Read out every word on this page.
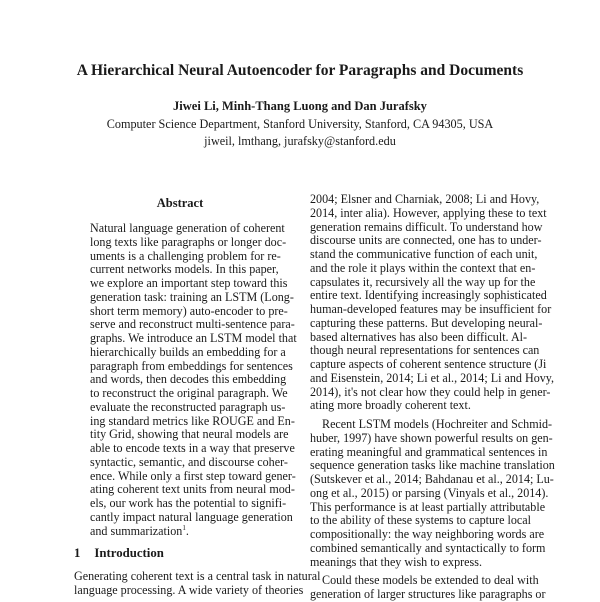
A Hierarchical Neural Autoencoder for Paragraphs and Documents
Jiwei Li, Minh-Thang Luong and Dan Jurafsky
Computer Science Department, Stanford University, Stanford, CA 94305, USA
jiweil, lmthang, jurafsky@stanford.edu
Abstract
Natural language generation of coherent
long texts like paragraphs or longer doc-
uments is a challenging problem for re-
current networks models. In this paper,
we explore an important step toward this
generation task: training an LSTM (Long-
short term memory) auto-encoder to pre-
serve and reconstruct multi-sentence para-
graphs. We introduce an LSTM model that
hierarchically builds an embedding for a
paragraph from embeddings for sentences
and words, then decodes this embedding
to reconstruct the original paragraph. We
evaluate the reconstructed paragraph us-
ing standard metrics like ROUGE and En-
tity Grid, showing that neural models are
able to encode texts in a way that preserve
syntactic, semantic, and discourse coher-
ence. While only a first step toward gener-
ating coherent text units from neural mod-
els, our work has the potential to signifi-
cantly impact natural language generation
and summarization$^1$.
1 Introduction
Generating coherent text is a central task in natural
language processing. A wide variety of theories
2004; Elsner and Charniak, 2008; Li and Hovy,
2014, inter alia). However, applying these to text
generation remains difficult. To understand how
discourse units are connected, one has to under-
stand the communicative function of each unit,
and the role it plays within the context that en-
capsulates it, recursively all the way up for the
entire text. Identifying increasingly sophisticated
human-developed features may be insufficient for
capturing these patterns. But developing neural-
based alternatives has also been difficult. Al-
though neural representations for sentences can
capture aspects of coherent sentence structure (Ji
and Eisenstein, 2014; Li et al., 2014; Li and Hovy,
2014), it's not clear how they could help in gener-
ating more broadly coherent text.
Recent LSTM models (Hochreiter and Schmid-
huber, 1997) have shown powerful results on gen-
erating meaningful and grammatical sentences in
sequence generation tasks like machine translation
(Sutskever et al., 2014; Bahdanau et al., 2014; Lu-
ong et al., 2015) or parsing (Vinyals et al., 2014).
This performance is at least partially attributable
to the ability of these systems to capture local
compositionally: the way neighboring words are
combined semantically and syntactically to form
meanings that they wish to express.
Could these models be extended to deal with
generation of larger structures like paragraphs or
